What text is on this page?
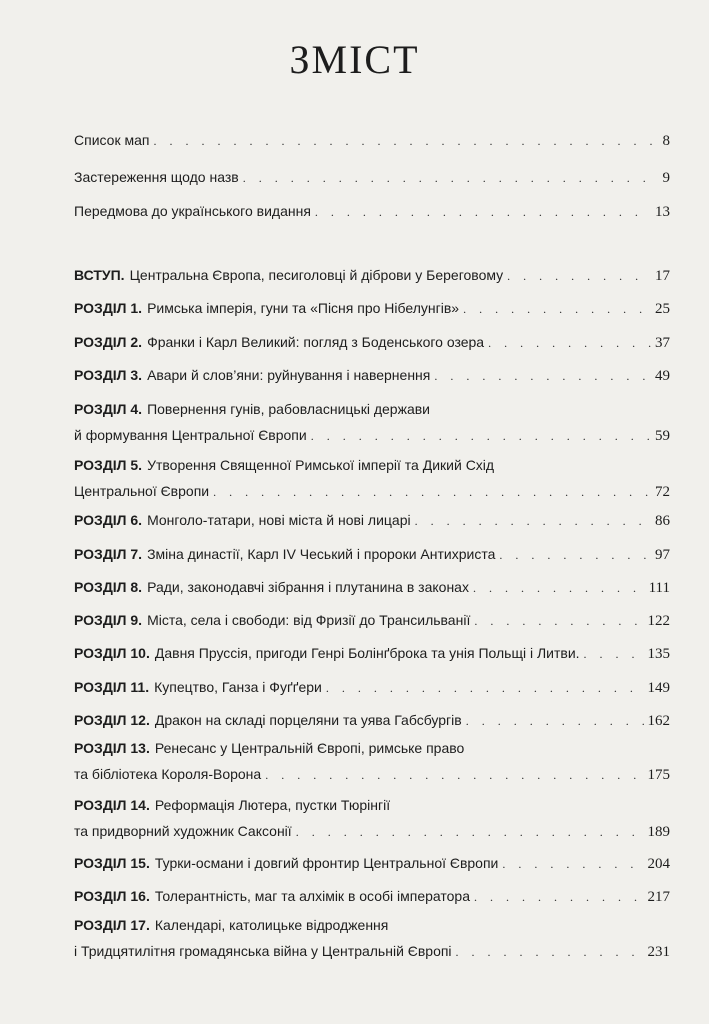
ЗМІСТ
Список мап . . .	8
Застереження щодо назв . . .	9
Передмова до українського видання . . .	13
ВСТУП. Центральна Європа, песиголовці й діброви у Береговому . . .	17
РОЗДІЛ 1. Римська імперія, гуни та «Пісня про Нібелунгів» . . .	25
РОЗДІЛ 2. Франки і Карл Великий: погляд з Боденського озера . . .	37
РОЗДІЛ 3. Авари й слов’яни: руйнування і навернення . . .	49
РОЗДІЛ 4. Повернення гунів, рабовласницькі держави
й формування Центральної Європи . . .	59
РОЗДІЛ 5. Утворення Священної Римської імперії та Дикий Схід
Центральної Європи . . .	72
РОЗДІЛ 6. Монголо-татари, нові міста й нові лицарі . . .	86
РОЗДІЛ 7. Зміна династії, Карл IV Чеський і пророки Антихриста . . .	97
РОЗДІЛ 8. Ради, законодавчі зібрання і плутанина в законах . . .	111
РОЗДІЛ 9. Міста, села і свободи: від Фризії до Трансильванії . . .	122
РОЗДІЛ 10. Давня Пруссія, пригоди Генрі Болінґброка та унія Польщі і Литви. . . .	135
РОЗДІЛ 11. Купецтво, Ганза і Фуґґери . . .	149
РОЗДІЛ 12. Дракон на складі порцеляни та уява Габсбургів . . .	162
РОЗДІЛ 13. Ренесанс у Центральній Європі, римське право
та бібліотека Короля-Ворона . . .	175
РОЗДІЛ 14. Реформація Лютера, пустки Тюрінгії
та придворний художник Саксонії . . .	189
РОЗДІЛ 15. Турки-османи і довгий фронтир Центральної Європи . . .	204
РОЗДІЛ 16. Толерантність, маг та алхімік в особі імператора . . .	217
РОЗДІЛ 17. Календарі, католицьке відродження
і Тридцятилітня громадянська війна у Центральній Європі . . .	231
